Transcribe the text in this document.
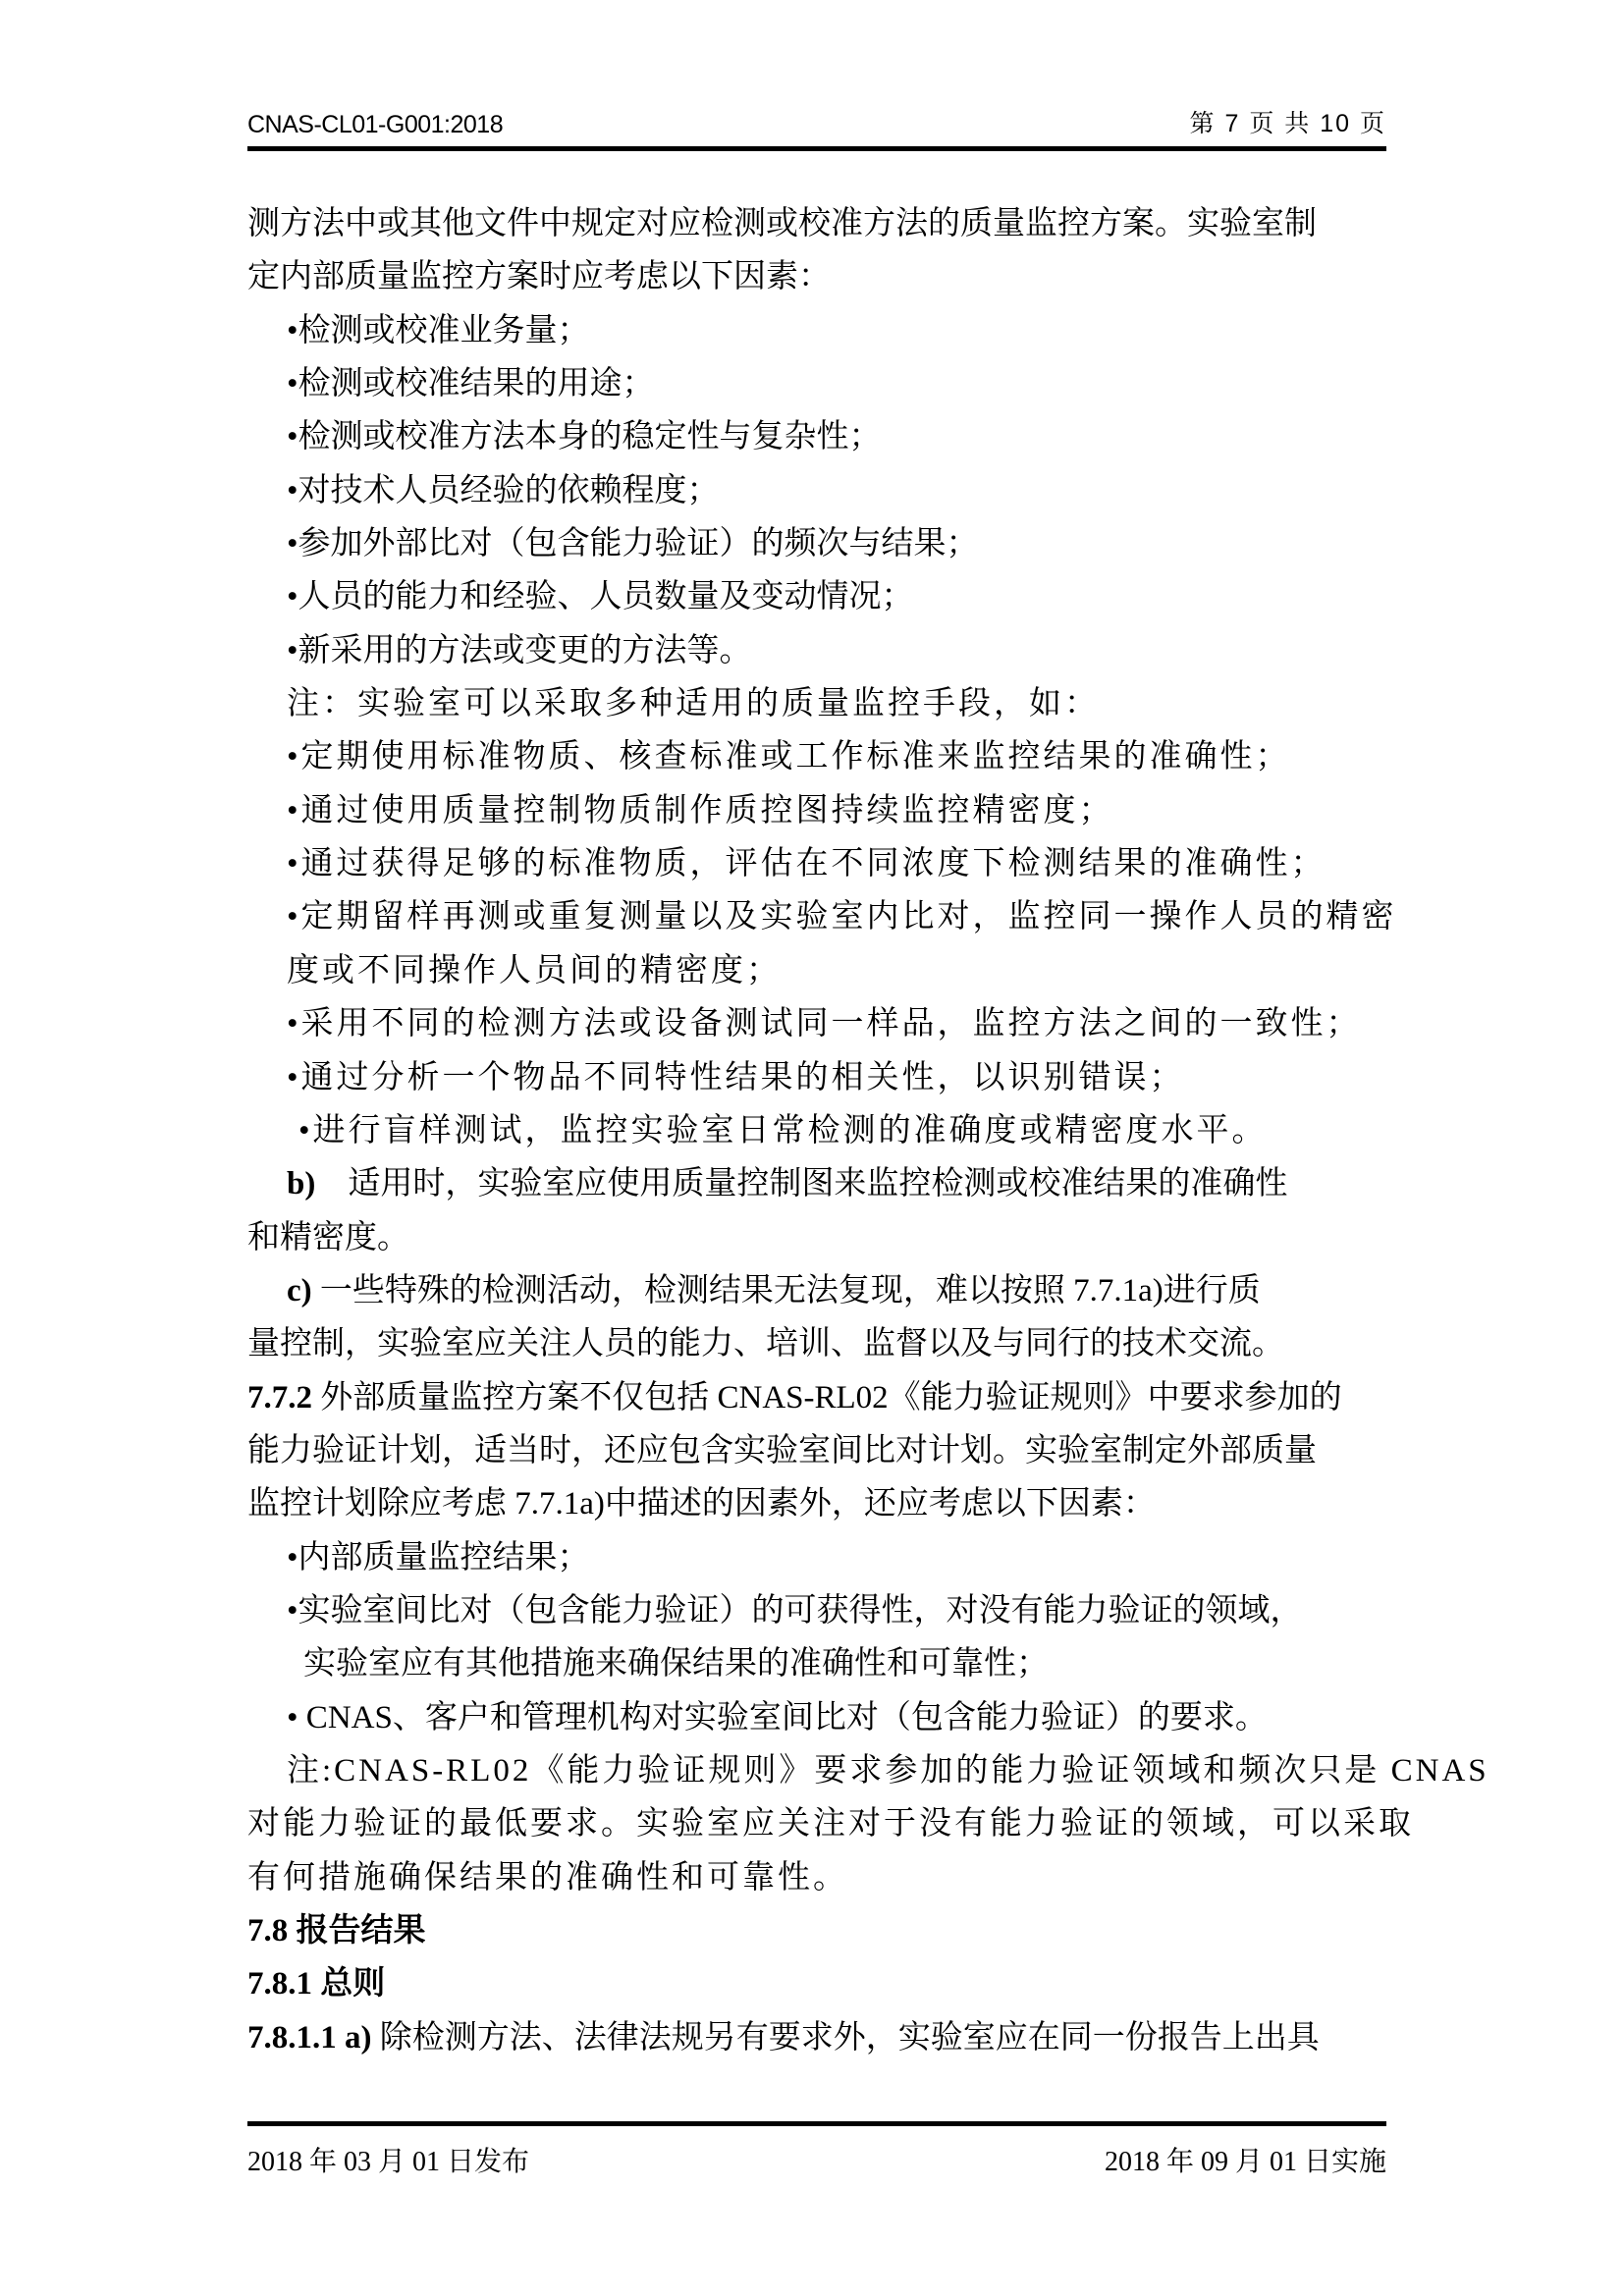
CNAS-CL01-G001:2018	第 7 页 共 10 页
测方法中或其他文件中规定对应检测或校准方法的质量监控方案。实验室制
定内部质量监控方案时应考虑以下因素：
•检测或校准业务量；
•检测或校准结果的用途；
•检测或校准方法本身的稳定性与复杂性；
•对技术人员经验的依赖程度；
•参加外部比对（包含能力验证）的频次与结果；
•人员的能力和经验、人员数量及变动情况；
•新采用的方法或变更的方法等。
注：实验室可以采取多种适用的质量监控手段，如：
•定期使用标准物质、核查标准或工作标准来监控结果的准确性；
•通过使用质量控制物质制作质控图持续监控精密度；
•通过获得足够的标准物质，评估在不同浓度下检测结果的准确性；
•定期留样再测或重复测量以及实验室内比对，监控同一操作人员的精密
度或不同操作人员间的精密度；
•采用不同的检测方法或设备测试同一样品，监控方法之间的一致性；
•通过分析一个物品不同特性结果的相关性，以识别错误；
•进行盲样测试，监控实验室日常检测的准确度或精密度水平。
b)　适用时，实验室应使用质量控制图来监控检测或校准结果的准确性
和精密度。
c) 一些特殊的检测活动，检测结果无法复现，难以按照 7.7.1a)进行质
量控制，实验室应关注人员的能力、培训、监督以及与同行的技术交流。
7.7.2 外部质量监控方案不仅包括 CNAS-RL02《能力验证规则》中要求参加的
能力验证计划，适当时，还应包含实验室间比对计划。实验室制定外部质量
监控计划除应考虑 7.7.1a)中描述的因素外，还应考虑以下因素：
•内部质量监控结果；
•实验室间比对（包含能力验证）的可获得性，对没有能力验证的领域，
实验室应有其他措施来确保结果的准确性和可靠性；
• CNAS、客户和管理机构对实验室间比对（包含能力验证）的要求。
注:CNAS-RL02《能力验证规则》要求参加的能力验证领域和频次只是 CNAS
对能力验证的最低要求。实验室应关注对于没有能力验证的领域，可以采取
有何措施确保结果的准确性和可靠性。
7.8 报告结果
7.8.1 总则
7.8.1.1 a) 除检测方法、法律法规另有要求外，实验室应在同一份报告上出具
2018 年 03 月 01 日发布	2018 年 09 月 01 日实施
